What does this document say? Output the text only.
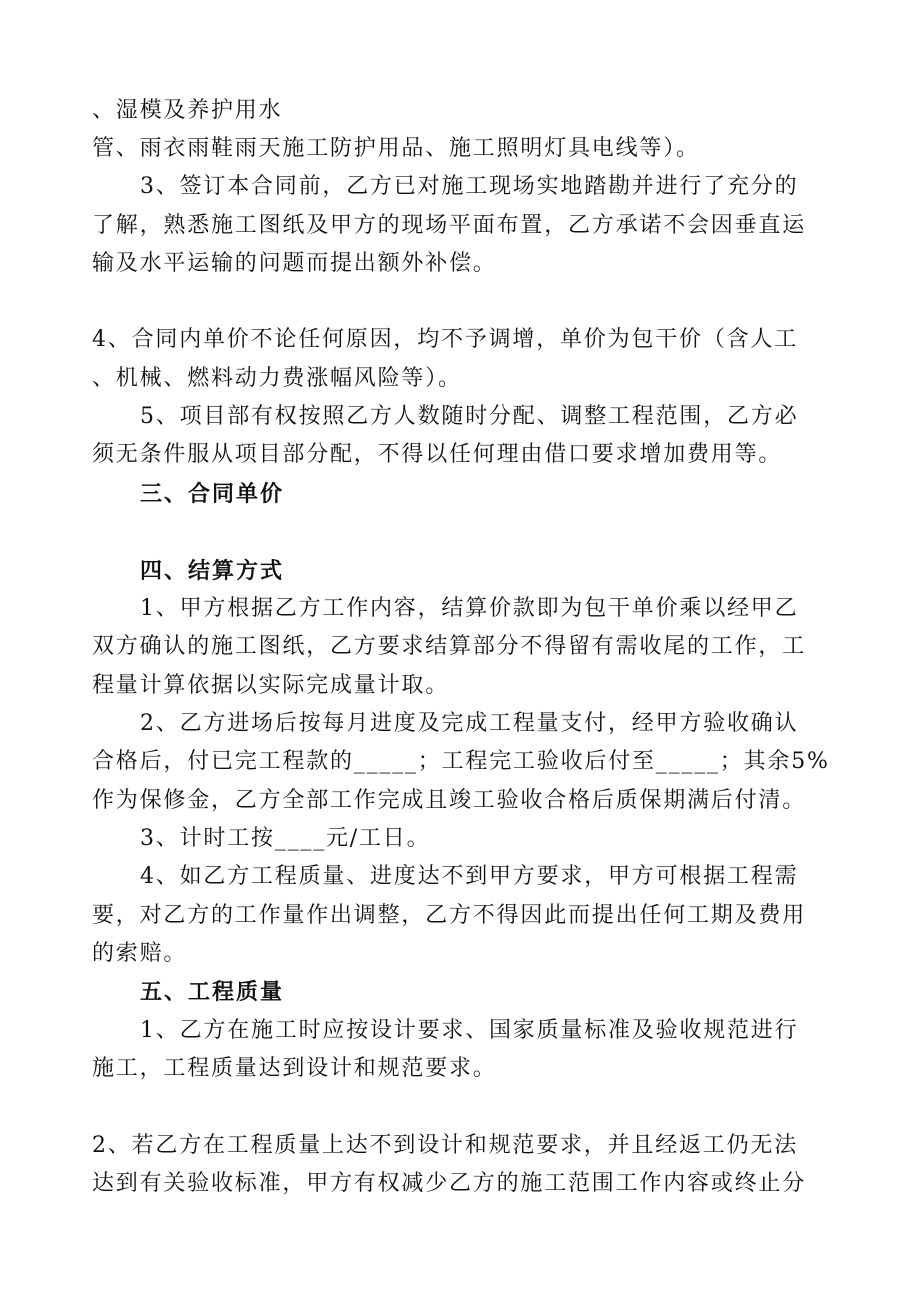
、湿模及养护用水
管、雨衣雨鞋雨天施工防护用品、施工照明灯具电线等）。
3、签订本合同前，乙方已对施工现场实地踏勘并进行了充分的
了解，熟悉施工图纸及甲方的现场平面布置，乙方承诺不会因垂直运
输及水平运输的问题而提出额外补偿。
4、合同内单价不论任何原因，均不予调增，单价为包干价（含人工
、机械、燃料动力费涨幅风险等）。
5、项目部有权按照乙方人数随时分配、调整工程范围，乙方必
须无条件服从项目部分配，不得以任何理由借口要求增加费用等。
三、合同单价
四、结算方式
1、甲方根据乙方工作内容，结算价款即为包干单价乘以经甲乙
双方确认的施工图纸，乙方要求结算部分不得留有需收尾的工作，工
程量计算依据以实际完成量计取。
2、乙方进场后按每月进度及完成工程量支付，经甲方验收确认
合格后，付已完工程款的_____；工程完工验收后付至_____；其余5%
作为保修金，乙方全部工作完成且竣工验收合格后质保期满后付清。
3、计时工按____元/工日。
4、如乙方工程质量、进度达不到甲方要求，甲方可根据工程需
要，对乙方的工作量作出调整，乙方不得因此而提出任何工期及费用
的索赔。
五、工程质量
1、乙方在施工时应按设计要求、国家质量标准及验收规范进行
施工，工程质量达到设计和规范要求。
2、若乙方在工程质量上达不到设计和规范要求，并且经返工仍无法
达到有关验收标准，甲方有权减少乙方的施工范围工作内容或终止分
